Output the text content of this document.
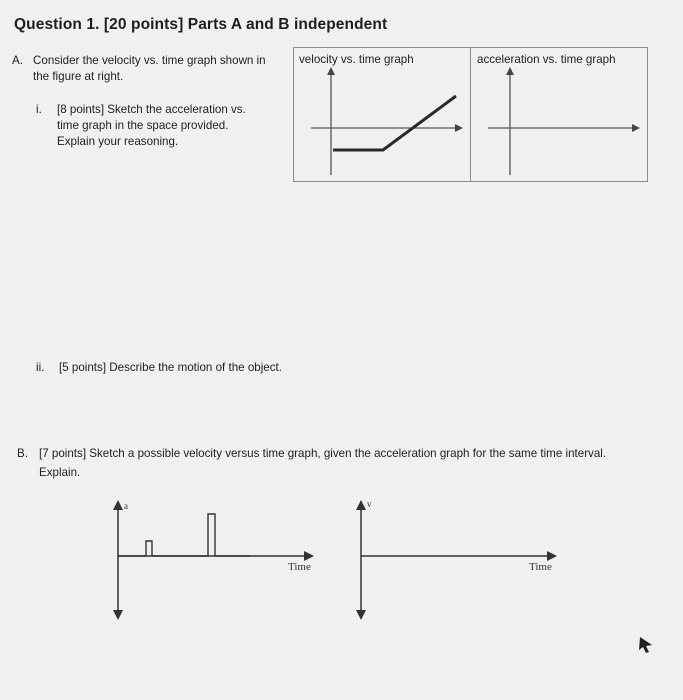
Question 1. [20 points] Parts A and B independent
A. Consider the velocity vs. time graph shown in
the figure at right.
i. [8 points] Sketch the acceleration vs.
time graph in the space provided.
Explain your reasoning.
ii. [5 points] Describe the motion of the object.
velocity vs. time graph	acceleration vs. time graph
B. [7 points] Sketch a possible velocity versus time graph, given the acceleration graph for the same time interval.
Explain.
a
Time
v
Time
